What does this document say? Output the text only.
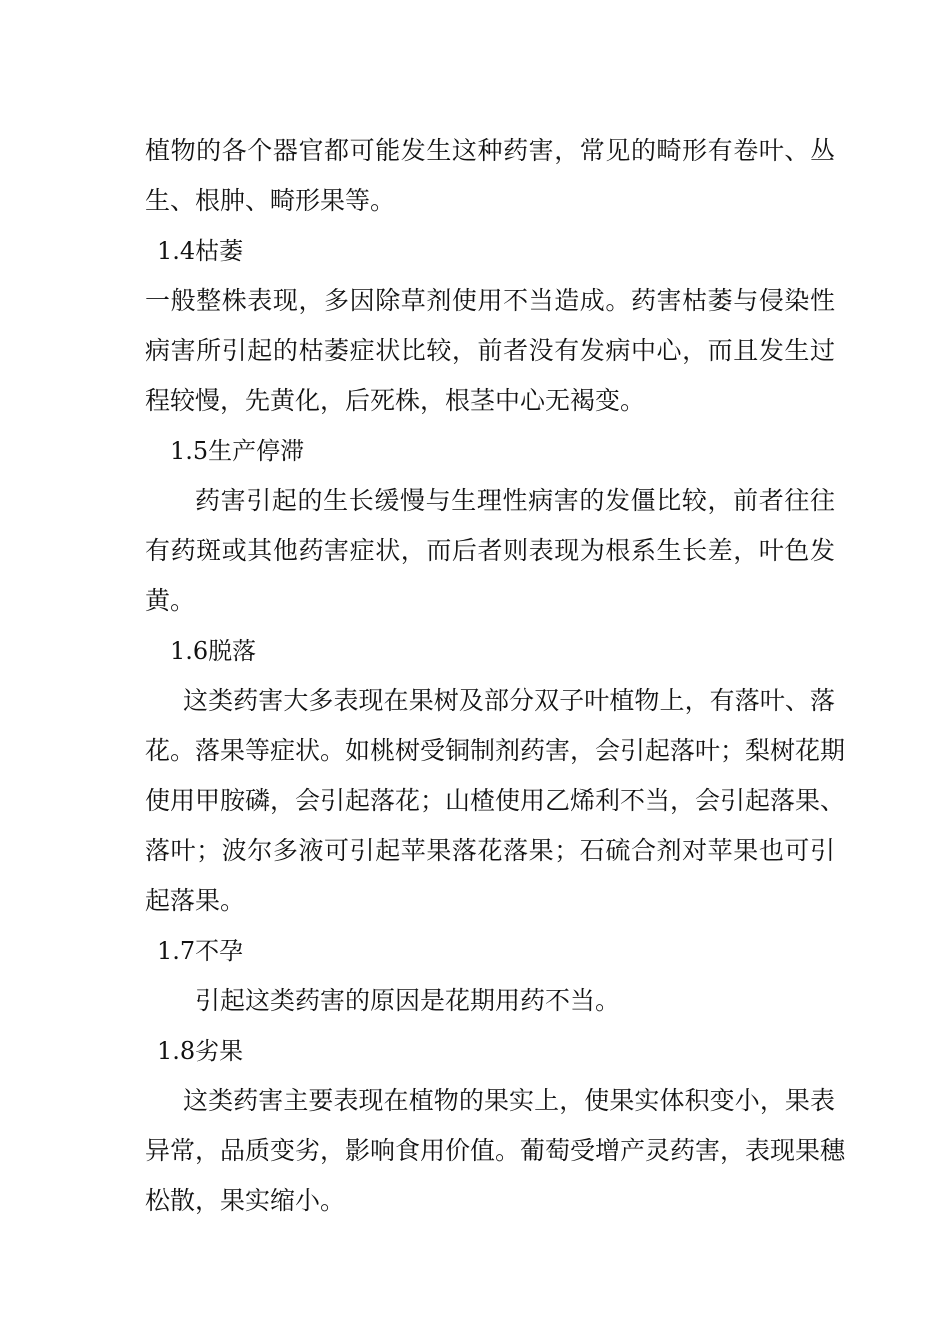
植物的各个器官都可能发生这种药害，常见的畸形有卷叶、丛
生、根肿、畸形果等。
1.4枯萎
一般整株表现，多因除草剂使用不当造成。药害枯萎与侵染性
病害所引起的枯萎症状比较，前者没有发病中心，而且发生过
程较慢，先黄化，后死株，根茎中心无褐变。
1.5生产停滞
药害引起的生长缓慢与生理性病害的发僵比较，前者往往
有药斑或其他药害症状，而后者则表现为根系生长差，叶色发
黄。
1.6脱落
这类药害大多表现在果树及部分双子叶植物上，有落叶、落
花。落果等症状。如桃树受铜制剂药害，会引起落叶；梨树花期
使用甲胺磷，会引起落花；山楂使用乙烯利不当，会引起落果、
落叶；波尔多液可引起苹果落花落果；石硫合剂对苹果也可引
起落果。
1.7不孕
引起这类药害的原因是花期用药不当。
1.8劣果
这类药害主要表现在植物的果实上，使果实体积变小，果表
异常，品质变劣，影响食用价值。葡萄受增产灵药害，表现果穗
松散，果实缩小。
